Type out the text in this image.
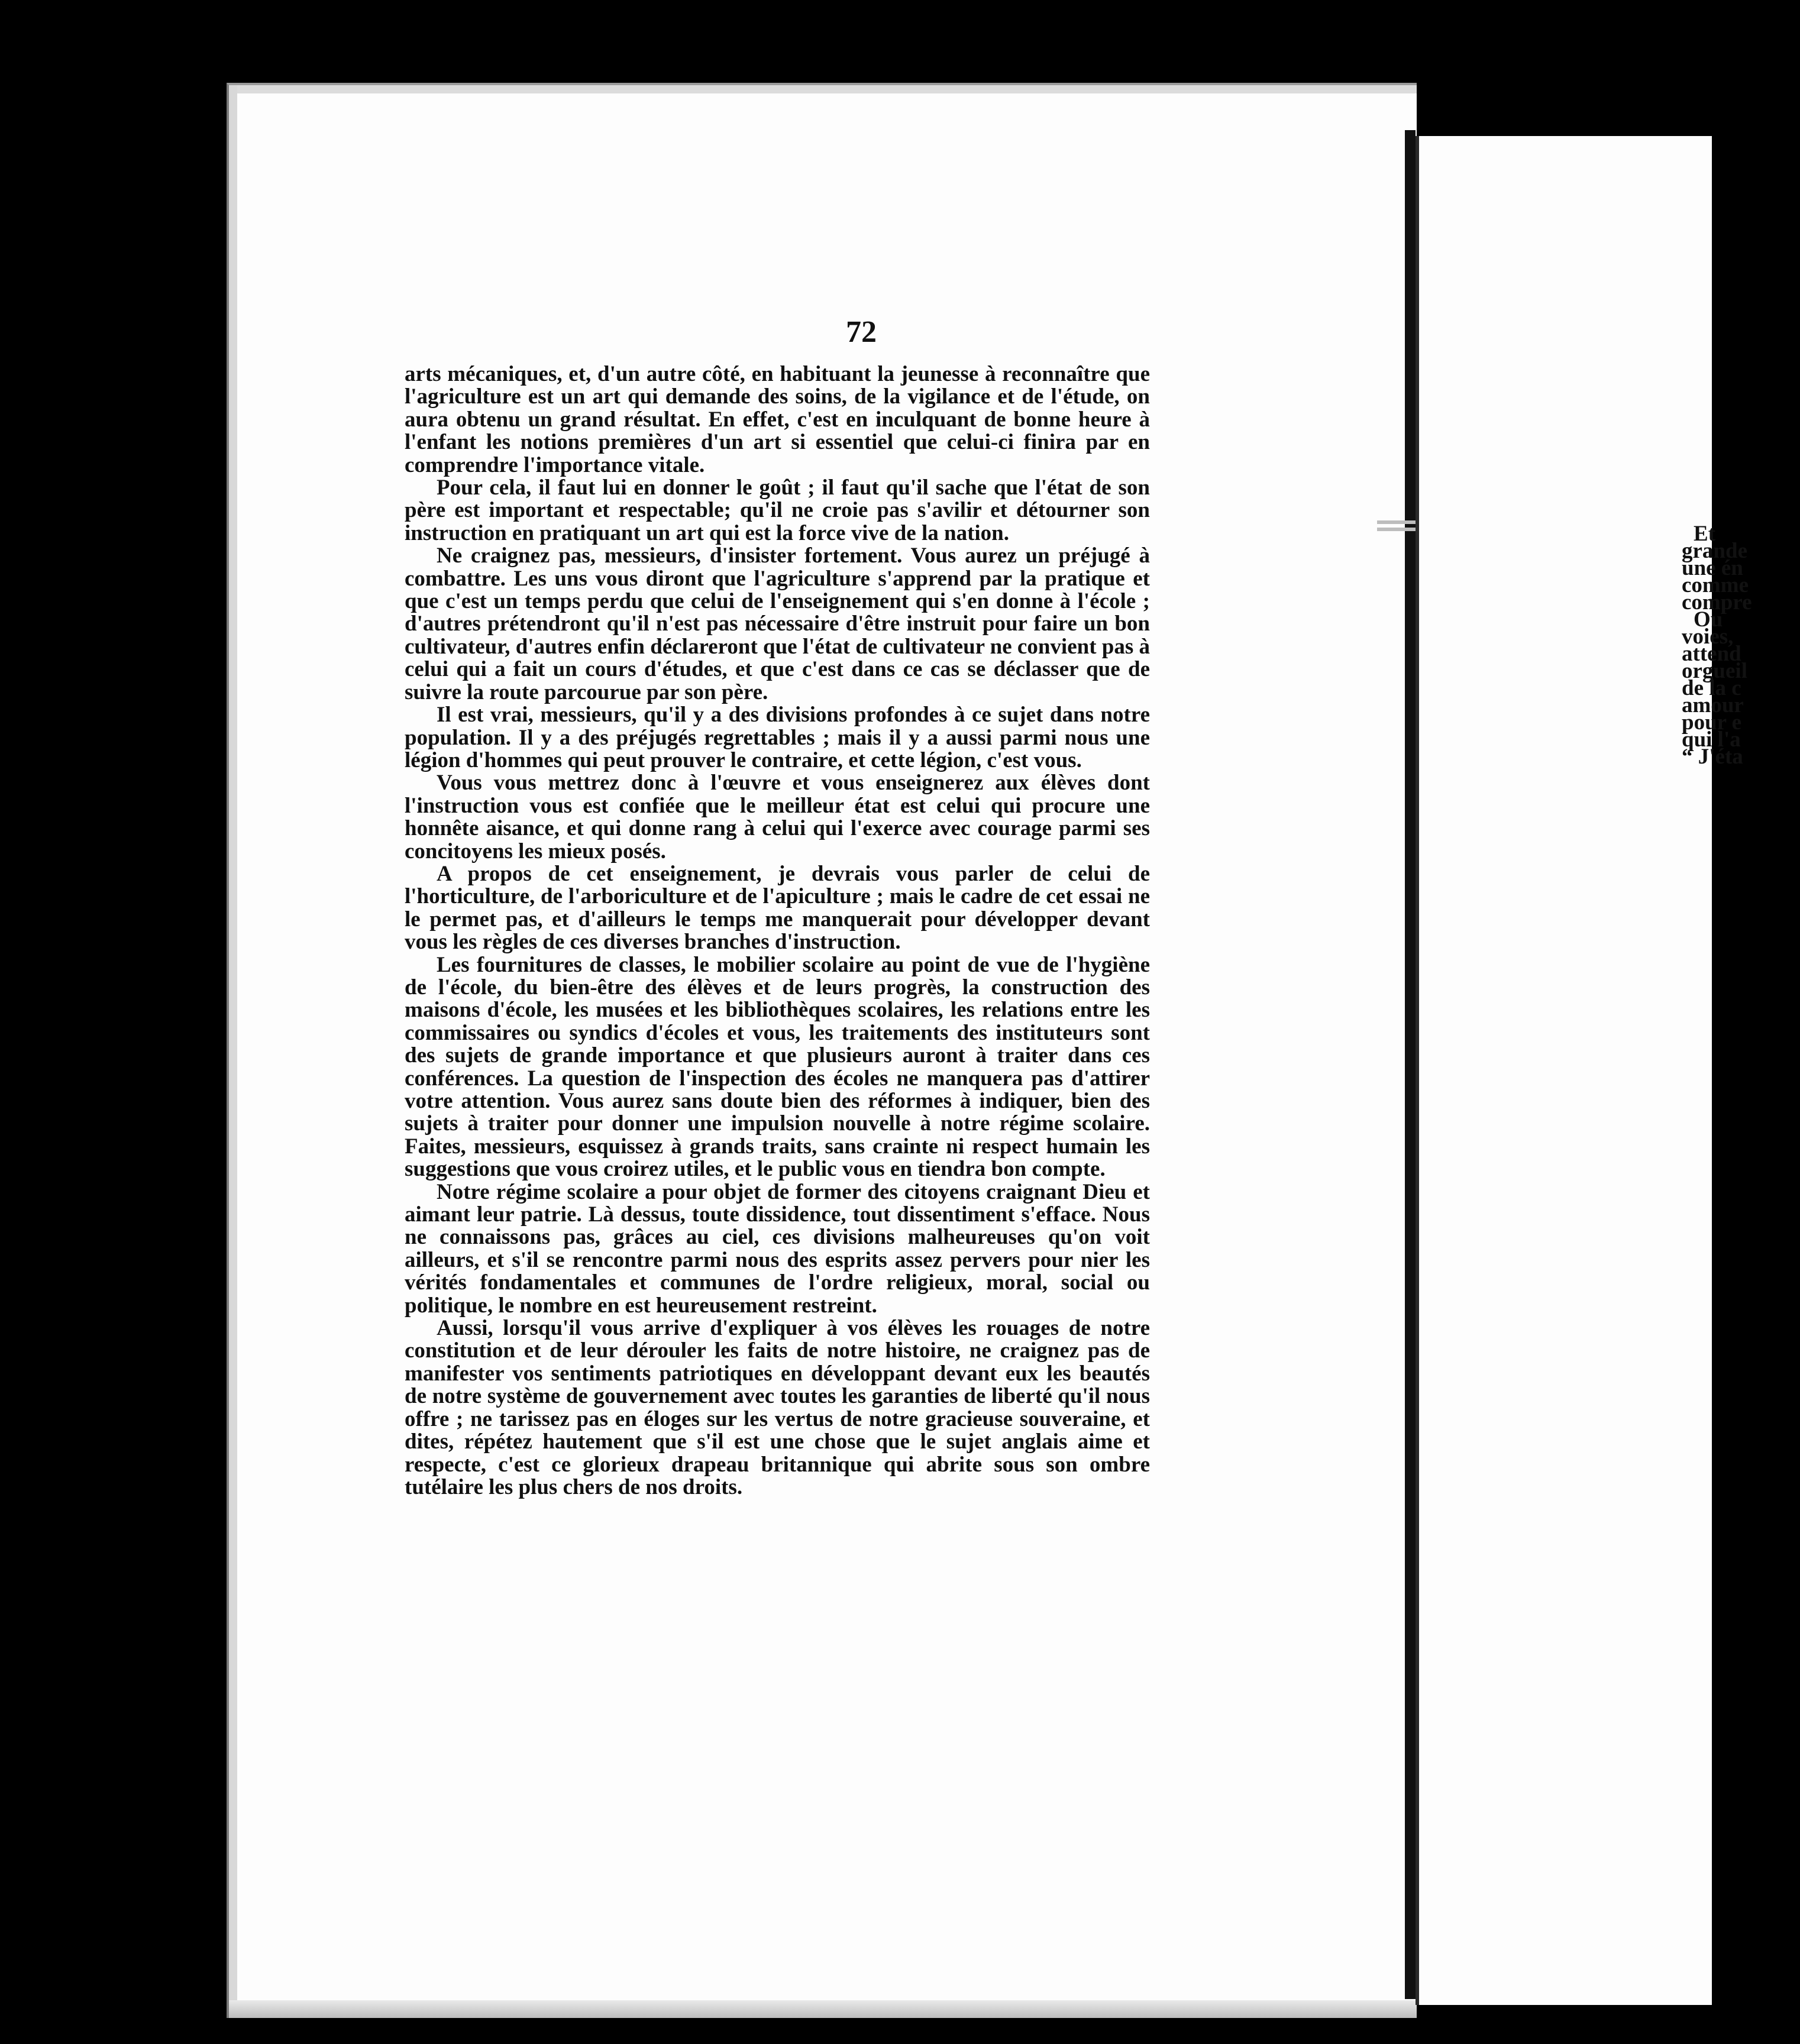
72

arts mécaniques, et, d'un autre côté, en habituant la jeunesse à reconnaître que l'agriculture est un art qui demande des soins, de la vigilance et de l'étude, on aura obtenu un grand résultat. En effet, c'est en inculquant de bonne heure à l'enfant les notions premières d'un art si essentiel que celui-ci finira par en comprendre l'importance vitale.

Pour cela, il faut lui en donner le goût ; il faut qu'il sache que l'état de son père est important et respectable; qu'il ne croie pas s'avilir et détourner son instruction en pratiquant un art qui est la force vive de la nation.

Ne craignez pas, messieurs, d'insister fortement. Vous aurez un préjugé à combattre. Les uns vous diront que l'agriculture s'apprend par la pratique et que c'est un temps perdu que celui de l'enseignement qui s'en donne à l'école ; d'autres prétendront qu'il n'est pas nécessaire d'être instruit pour faire un bon cultivateur, d'autres enfin déclareront que l'état de cultivateur ne convient pas à celui qui a fait un cours d'études, et que c'est dans ce cas se déclasser que de suivre la route parcourue par son père.

Il est vrai, messieurs, qu'il y a des divisions profondes à ce sujet dans notre population. Il y a des préjugés regrettables ; mais il y a aussi parmi nous une légion d'hommes qui peut prouver le contraire, et cette légion, c'est vous.

Vous vous mettrez donc à l'œuvre et vous enseignerez aux élèves dont l'instruction vous est confiée que le meilleur état est celui qui procure une honnête aisance, et qui donne rang à celui qui l'exerce avec courage parmi ses concitoyens les mieux posés.

A propos de cet enseignement, je devrais vous parler de celui de l'horticulture, de l'arboriculture et de l'apiculture ; mais le cadre de cet essai ne le permet pas, et d'ailleurs le temps me manquerait pour développer devant vous les règles de ces diverses branches d'instruction.

Les fournitures de classes, le mobilier scolaire au point de vue de l'hygiène de l'école, du bien-être des élèves et de leurs progrès, la construction des maisons d'école, les musées et les bibliothèques scolaires, les relations entre les commissaires ou syndics d'écoles et vous, les traitements des instituteurs sont des sujets de grande importance et que plusieurs auront à traiter dans ces conférences. La question de l'inspection des écoles ne manquera pas d'attirer votre attention. Vous aurez sans doute bien des réformes à indiquer, bien des sujets à traiter pour donner une impulsion nouvelle à notre régime scolaire. Faites, messieurs, esquissez à grands traits, sans crainte ni respect humain les suggestions que vous croirez utiles, et le public vous en tiendra bon compte.

Notre régime scolaire a pour objet de former des citoyens craignant Dieu et aimant leur patrie. Là dessus, toute dissidence, tout dissentiment s'efface. Nous ne connaissons pas, grâces au ciel, ces divisions malheureuses qu'on voit ailleurs, et s'il se rencontre parmi nous des esprits assez pervers pour nier les vérités fondamentales et communes de l'ordre religieux, moral, social ou politique, le nombre en est heureusement restreint.

Aussi, lorsqu'il vous arrive d'expliquer à vos élèves les rouages de notre constitution et de leur dérouler les faits de notre histoire, ne craignez pas de manifester vos sentiments patriotiques en développant devant eux les beautés de notre système de gouvernement avec toutes les garanties de liberté qu'il nous offre ; ne tarissez pas en éloges sur les vertus de notre gracieuse souveraine, et dites, répétez hautement que s'il est une chose que le sujet anglais aime et respecte, c'est ce glorieux drapeau britannique qui abrite sous son ombre tutélaire les plus chers de nos droits.

Et
grande
une én
comme
compre
Ou
voies,
attend
orgueil
de la c
amour
pour e
qui l'a
“ J'éta
